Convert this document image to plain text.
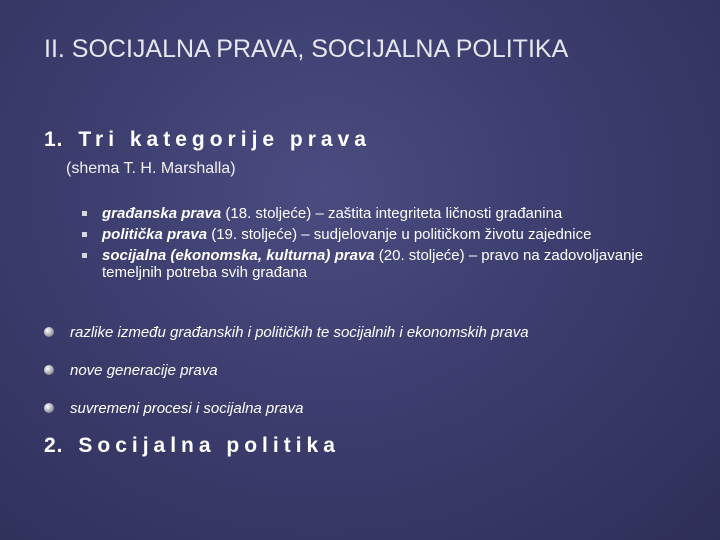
II. SOCIJALNA PRAVA, SOCIJALNA POLITIKA
1. Tri kategorije prava
(shema T. H. Marshalla)
građanska prava (18. stoljeće) – zaštita integriteta ličnosti građanina
politička prava (19. stoljeće) – sudjelovanje u političkom životu zajednice
socijalna (ekonomska, kulturna) prava (20. stoljeće) – pravo na zadovoljavanje temeljnih potreba svih građana
razlike između građanskih i političkih te socijalnih i ekonomskih prava
nove generacije prava
suvremeni procesi i socijalna prava
2. Socijalna politika
